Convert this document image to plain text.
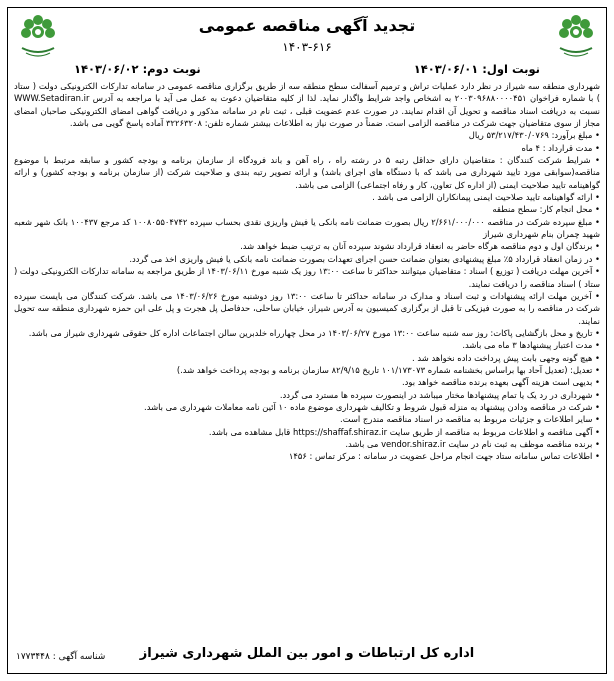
تجدید آگهی مناقصه عمومی
۱۴۰۳-۶۱۶
نوبت اول: ۱۴۰۳/۰۶/۰۱
نوبت دوم: ۱۴۰۳/۰۶/۰۲

شهرداری منطقه سه شیراز در نظر دارد عملیات تراش و ترمیم آسفالت سطح منطقه سه از طریق برگزاری مناقصه عمومی در سامانه تدارکات الکترونیکی دولت ( ستاد ) با شماره فراخوان ۲۰۰۳۰۹۶۸۸۰۰۰۰۴۵۱ به اشخاص واجد شرایط واگذار نماید. لذا از کلیه متقاضیان دعوت به عمل می آید با مراجعه به آدرس WWW.Setadiran.ir نسبت به دریافت اسناد مناقصه و تحویل آن اقدام نمایند. در صورت عدم عضویت قبلی ، ثبت نام در سامانه مذکور و دریافت گواهی امضای الکترونیکی صاحبان امضای مجاز از سوی متقاضیان جهت شرکت در مناقصه الزامی است. ضمناً در صورت نیاز به اطلاعات بیشتر شماره تلفن: ۳۲۲۶۳۲۰۸ آماده پاسخ گویی می باشد.

• مبلغ برآورد: ۵۳/۲۱۷/۴۳۰/۰۷۶۹ ریال

• مدت قرارداد : ۴ ماه

• شرایط شرکت کنندگان : متقاضیان دارای حداقل رتبه ۵ در رشته راه ، راه آهن و باند فرودگاه از سازمان برنامه و بودجه کشور و سابقه مرتبط با موضوع مناقصه(سوابقی مورد تایید شهرداری می باشد که با دستگاه های اجرای باشد) و ارائه تصویر رتبه بندی و صلاحیت شرکت (از سازمان برنامه و بودجه کشور) و ارائه گواهینامه تایید صلاحیت ایمنی (از اداره کل تعاون، کار و رفاه اجتماعی) الزامی می باشد.

• ارائه گواهینامه تایید صلاحیت ایمنی پیمانکاران الزامی می باشد .

• محل انجام کار: سطح منطقه

• مبلغ سپرده شرکت در مناقصه ۲/۶۶۱/۰۰۰/۰۰۰ ریال بصورت ضمانت نامه بانکی یا فیش واریزی نقدی بحساب سپرده ۱۰۰۸۰۵۵۰۴۷۴۲ کد مرجع ۱۰۰۴۳۷ بانک شهر شعبه شهید چمران بنام شهرداری شیراز

• برندگان اول و دوم مناقصه هرگاه حاضر به انعقاد قرارداد نشوند سپرده آنان به ترتیب ضبط خواهد شد.

• در زمان انعقاد قرارداد ۵٪ مبلغ پیشنهادی بعنوان ضمانت حسن اجرای تعهدات بصورت ضمانت نامه بانکی یا فیش واریزی اخذ می گردد.

• آخرین مهلت دریافت ( توزیع ) اسناد : متقاضیان میتوانند حداکثر تا ساعت ۱۳:۰۰ روز یک شنبه مورخ ۱۴۰۳/۰۶/۱۱ از طریق مراجعه به سامانه تدارکات الکترونیکی دولت ( ستاد ) اسناد مناقصه را دریافت نمایند.

• آخرین مهلت ارائه پیشنهادات و ثبت اسناد و مدارک در سامانه حداکثر تا ساعت ۱۳:۰۰ روز دوشنبه مورخ ۱۴۰۳/۰۶/۲۶ می باشد. شرکت کنندگان می بایست سپرده شرکت در مناقصه را به صورت فیزیکی تا قبل از برگزاری کمیسیون به آدرس شیراز، خیابان ساحلی، حدفاصل پل هجرت و پل علی ابن حمزه شهرداری منطقه سه تحویل نمایند.

• تاریخ و محل بازگشایی پاکات: روز سه شنبه ساعت ۱۳:۰۰ مورخ ۱۴۰۳/۰۶/۲۷ در محل چهارراه خلدبرین سالن اجتماعات اداره کل حقوقی شهرداری شیراز می باشد.

• مدت اعتبار پیشنهادها ۳ ماه می باشد.

• هیچ گونه وجهی بابت پیش پرداخت داده نخواهد شد .

• تعدیل: (تعدیل آحاد بها براساس بخشنامه شماره ۱۰۱/۱۷۳۰۷۳ تاریخ ۸۲/۹/۱۵ سازمان برنامه و بودجه پرداخت خواهد شد.)

• بدیهی است هزینه آگهی بعهده برنده مناقصه خواهد بود.

• شهرداری در رد یک یا تمام پیشنهادها مختار میباشد در اینصورت سپرده ها مسترد می گردد.

• شرکت در مناقصه ودادن پیشنهاد به منزله قبول شروط و تکالیف شهرداری موضوع ماده ۱۰ آئین نامه معاملات شهرداری می باشد.

• سایر اطلاعات و جزئیات مربوط به مناقصه در اسناد مناقصه مندرج است.

• آگهی مناقصه و اطلاعات مربوط به مناقصه از طریق سایت https://shaffaf.shiraz.ir قابل مشاهده می باشد.

• برنده مناقصه موظف به ثبت نام در سایت vendor.shiraz.ir می باشد.

• اطلاعات تماس سامانه ستاد جهت انجام مراحل عضویت در سامانه : مرکز تماس : ۱۴۵۶

اداره کل ارتباطات و امور بین الملل شهرداری شیراز
شناسه آگهی : ۱۷۷۳۴۴۸
